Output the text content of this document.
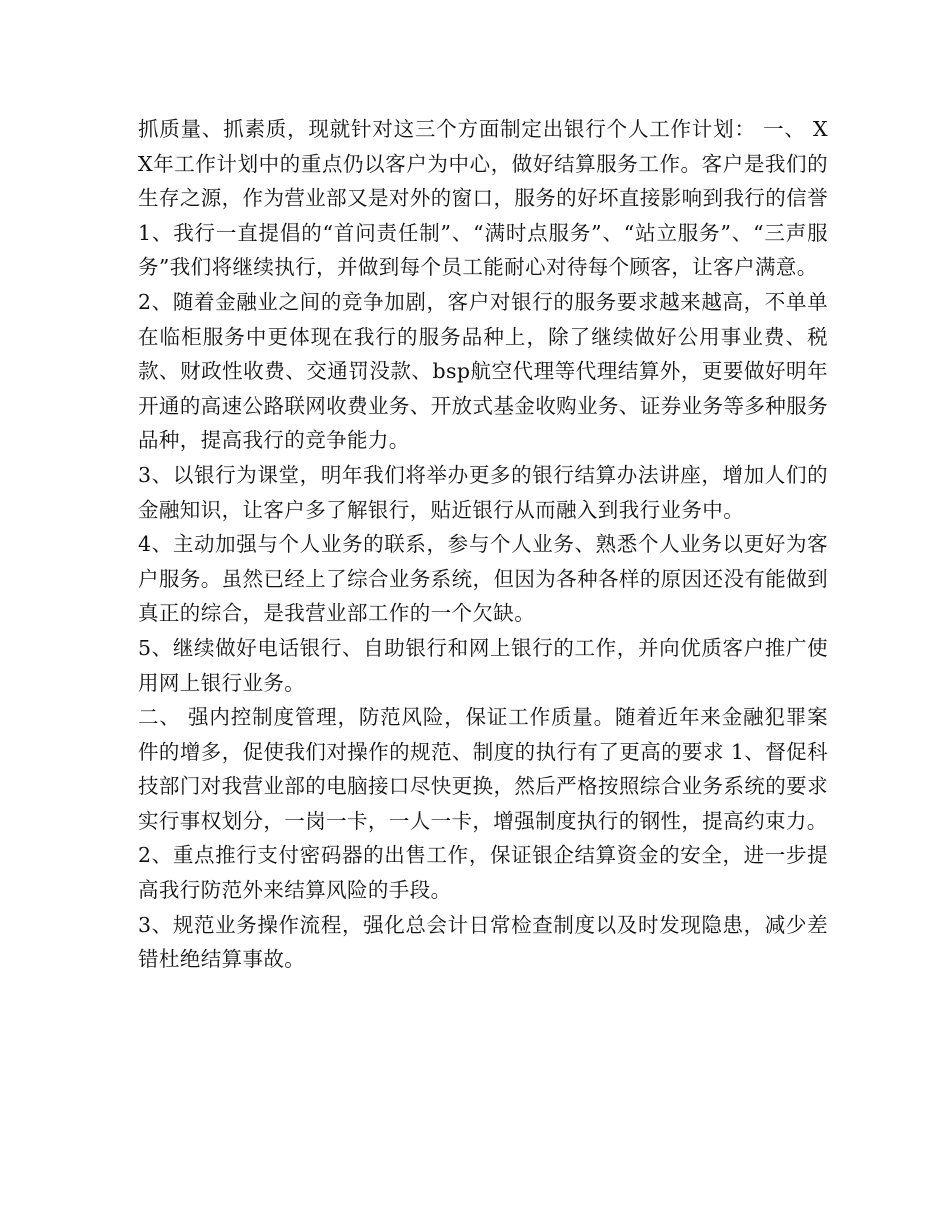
抓质量、抓素质，现就针对这三个方面制定出银行个人工作计划： 一、 XX年工作计划中的重点仍以客户为中心，做好结算服务工作。客户是我们的生存之源，作为营业部又是对外的窗口，服务的好坏直接影响到我行的信誉 1、我行一直提倡的“首问责任制”、“满时点服务”、“站立服务”、“三声服务”我们将继续执行，并做到每个员工能耐心对待每个顾客，让客户满意。

2、随着金融业之间的竞争加剧，客户对银行的服务要求越来越高，不单单在临柜服务中更体现在我行的服务品种上，除了继续做好公用事业费、税款、财政性收费、交通罚没款、bsp航空代理等代理结算外，更要做好明年开通的高速公路联网收费业务、开放式基金收购业务、证券业务等多种服务品种，提高我行的竞争能力。

3、以银行为课堂，明年我们将举办更多的银行结算办法讲座，增加人们的金融知识，让客户多了解银行，贴近银行从而融入到我行业务中。

4、主动加强与个人业务的联系，参与个人业务、熟悉个人业务以更好为客户服务。虽然已经上了综合业务系统，但因为各种各样的原因还没有能做到真正的综合，是我营业部工作的一个欠缺。

5、继续做好电话银行、自助银行和网上银行的工作，并向优质客户推广使用网上银行业务。

二、 强内控制度管理，防范风险，保证工作质量。随着近年来金融犯罪案件的增多，促使我们对操作的规范、制度的执行有了更高的要求 1、督促科技部门对我营业部的电脑接口尽快更换，然后严格按照综合业务系统的要求实行事权划分，一岗一卡，一人一卡，增强制度执行的钢性，提高约束力。

2、重点推行支付密码器的出售工作，保证银企结算资金的安全，进一步提高我行防范外来结算风险的手段。

3、规范业务操作流程，强化总会计日常检查制度以及时发现隐患，减少差错杜绝结算事故。
